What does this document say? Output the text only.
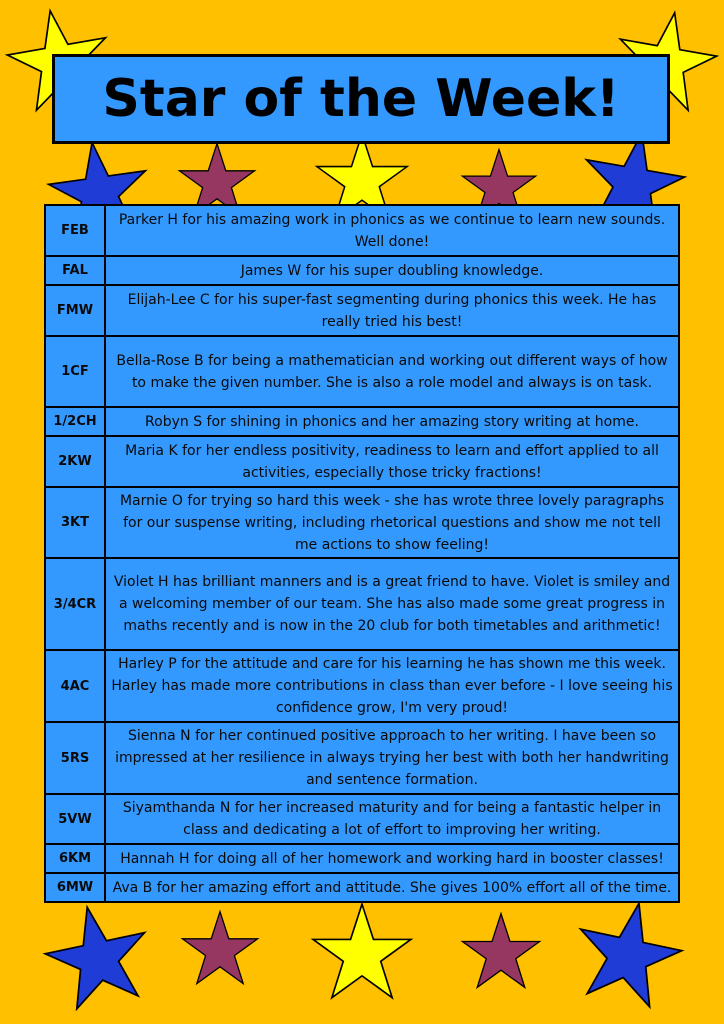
Star of the Week!
FEB	Parker H for his amazing work in phonics as we continue to learn new sounds. Well done!
FAL	James W for his super doubling knowledge.
FMW	Elijah-Lee C for his super-fast segmenting during phonics this week. He has really tried his best!
1CF	Bella-Rose B for being a mathematician and working out different ways of how to make the given number. She is also a role model and always is on task.
1/2CH	Robyn S for shining in phonics and her amazing story writing at home.
2KW	Maria K for her endless positivity, readiness to learn and effort applied to all activities, especially those tricky fractions!
3KT	Marnie O for trying so hard this week - she has wrote three lovely paragraphs for our suspense writing, including rhetorical questions and show me not tell me actions to show feeling!
3/4CR	Violet H has brilliant manners and is a great friend to have. Violet is smiley and a welcoming member of our team. She has also made some great progress in maths recently and is now in the 20 club for both timetables and arithmetic!
4AC	Harley P for the attitude and care for his learning he has shown me this week. Harley has made more contributions in class than ever before - I love seeing his confidence grow, I'm very proud!
5RS	Sienna N for her continued positive approach to her writing. I have been so impressed at her resilience in always trying her best with both her handwriting and sentence formation.
5VW	Siyamthanda N for her increased maturity and for being a fantastic helper in class and dedicating a lot of effort to improving her writing.
6KM	Hannah H for doing all of her homework and working hard in booster classes!
6MW	Ava B for her amazing effort and attitude. She gives 100% effort all of the time.
